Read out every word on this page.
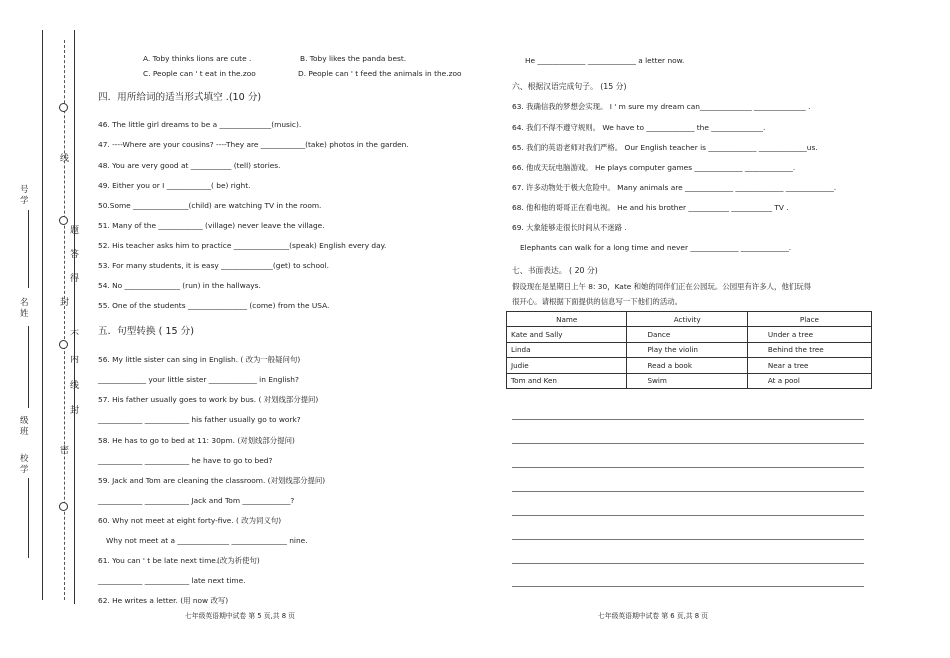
线
题
答
得
封
不
内
线
封
密
号学
名姓
级班
校学
A. Toby thinks lions are cute .	B. Toby likes the panda best.
C. People can ' t eat in the.zoo	D. People can ' t feed the animals in the.zoo
四．用所给词的适当形式填空 .(10 分)
46. The little girl dreams to be a ______________(music).
47. ----Where are your cousins? ----They are ____________(take) photos in the garden.
48. You are very good at ___________ (tell) stories.
49. Either you or I ____________( be) right.
50.Some _______________(child) are watching TV in the room.
51. Many of the ____________ (village) never leave the village.
52. His teacher asks him to practice _______________(speak) English every day.
53. For many students, it is easy ______________(get) to school.
54. No _______________ (run) in the hallways.
55. One of the students ________________ (come) from the USA.
五．句型转换 ( 15 分)
56. My little sister can sing in English. ( 改为一般疑问句)
_____________ your little sister _____________ in English?
57. His father usually goes to work by bus. ( 对划线部分提问)
____________ ____________ his father usually go to work?
58. He has to go to bed at 11: 30pm. (对划线部分提问)
____________ ____________ he have to go to bed?
59. Jack and Tom are cleaning the classroom. (对划线部分提问)
____________ ____________ Jack and Tom _____________?
60. Why not meet at eight forty-five. ( 改为同义句)
Why not meet at a ______________ _______________ nine.
61. You can ' t be late next time.
(改为祈使句)
____________ ____________ late next time.
62. He writes a letter. (用 now 改写)
七年级英语期中试卷 第 5 页,共 8 页
He _____________ _____________ a letter now.
六、根据汉语完成句子。 (15 分)
63. 我确信我的梦想会实现。 I ' m sure my dream can______________ ______________ .
64. 我们不得不遵守规则。 We have to _____________ the ______________.
65. 我们的英语老师对我们严格。 Our English teacher is _____________ _____________us.
66. 他成天玩电脑游戏。 He plays computer games _____________ _____________.
67. 许多动物处于极大危险中。 Many animals are _____________ _____________ _____________.
68. 他和他的哥哥正在看电视。 He and his brother ___________ ___________ TV .
69. 大象能够走很长时间从不迷路 .
Elephants can walk for a long time and never _____________ _____________.
七、书面表达。 ( 20 分)
假设现在是星期日上午 8: 30，Kate 和她的同伴们正在公园玩。公园里有许多人，他们玩得
很开心。请根据下面提供的信息写一下他们的活动。
Name	Activity	Place
Kate and Sally	Dance	Under a tree
Linda	Play the violin	Behind the tree
Judie	Read a book	Near a tree
Tom and Ken	Swim	At a pool
七年级英语期中试卷 第 6 页,共 8 页
